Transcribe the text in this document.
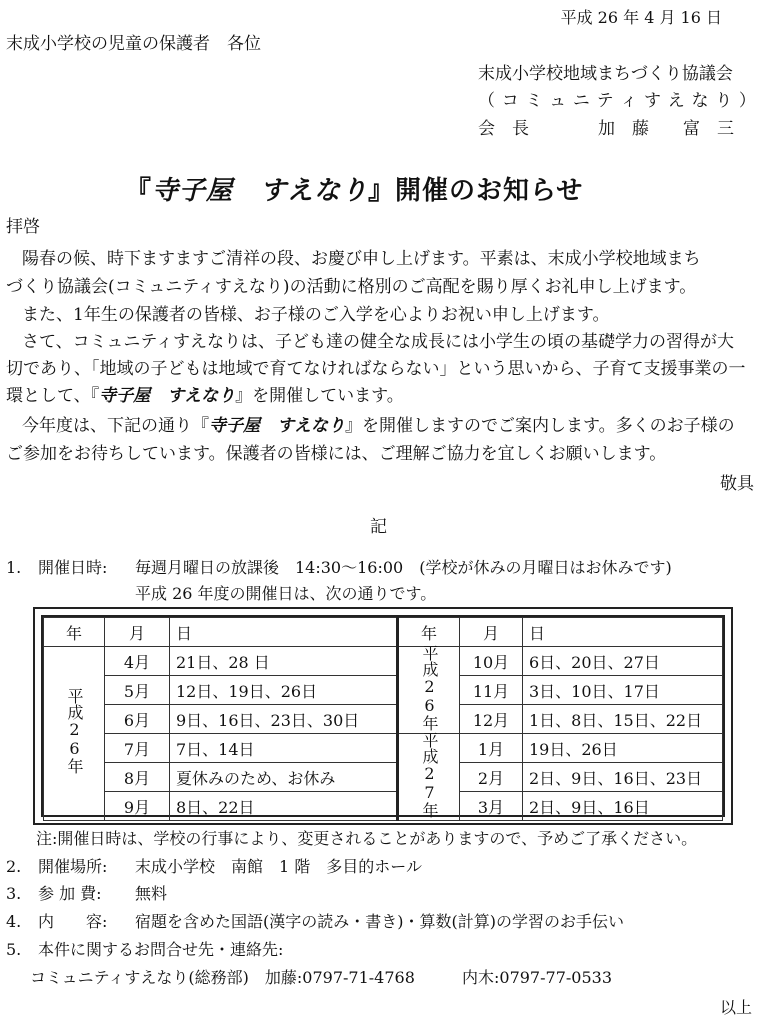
平成 26 年 4 月 16 日
末成小学校の児童の保護者　各位
末成小学校地域まちづくり協議会
（ コ ミ ュ ニ テ ィ す え な り ）
会　長	加　藤　　富　三
『寺子屋　すえなり』開催のお知らせ
拝啓
陽春の候、時下ますますご清祥の段、お慶び申し上げます。平素は、末成小学校地域まち
づくり協議会(コミュニティすえなり)の活動に格別のご高配を賜り厚くお礼申し上げます。
また、1年生の保護者の皆様、お子様のご入学を心よりお祝い申し上げます。
さて、コミュニティすえなりは、子ども達の健全な成長には小学生の頃の基礎学力の習得が大
切であり、「地域の子どもは地域で育てなければならない」という思いから、子育て支援事業の一
環として、『寺子屋　すえなり』を開催しています。
今年度は、下記の通り『寺子屋　すえなり』を開催しますのでご案内します。多くのお子様の
ご参加をお待ちしています。保護者の皆様には、ご理解ご協力を宜しくお願いします。
敬具
記
1. 開催日時: 毎週月曜日の放課後　14:30～16:00　(学校が休みの月曜日はお休みです)
平成 26 年度の開催日は、次の通りです。
年	月	日	年	月	日
平成26年	4月	21日、28 日	平成26年	10月	6日、20日、27日
	5月	12日、19日、26日		11月	3日、10日、17日
	6月	9日、16日、23日、30日		12月	1日、8日、15日、22日
	7月	7日、14日	平成27年	1月	19日、26日
	8月	夏休みのため、お休み		2月	2日、9日、16日、23日
	9月	8日、22日		3月	2日、9日、16日
注:開催日時は、学校の行事により、変更されることがありますので、予めご了承ください。
2. 開催場所: 末成小学校　南館　1 階　多目的ホール
3. 参 加 費: 無料
4. 内　　容: 宿題を含めた国語(漢字の読み・書き)・算数(計算)の学習のお手伝い
5. 本件に関するお問合せ先・連絡先:
コミュニティすえなり(総務部)　加藤:0797-71-4768	内木:0797-77-0533
以上
